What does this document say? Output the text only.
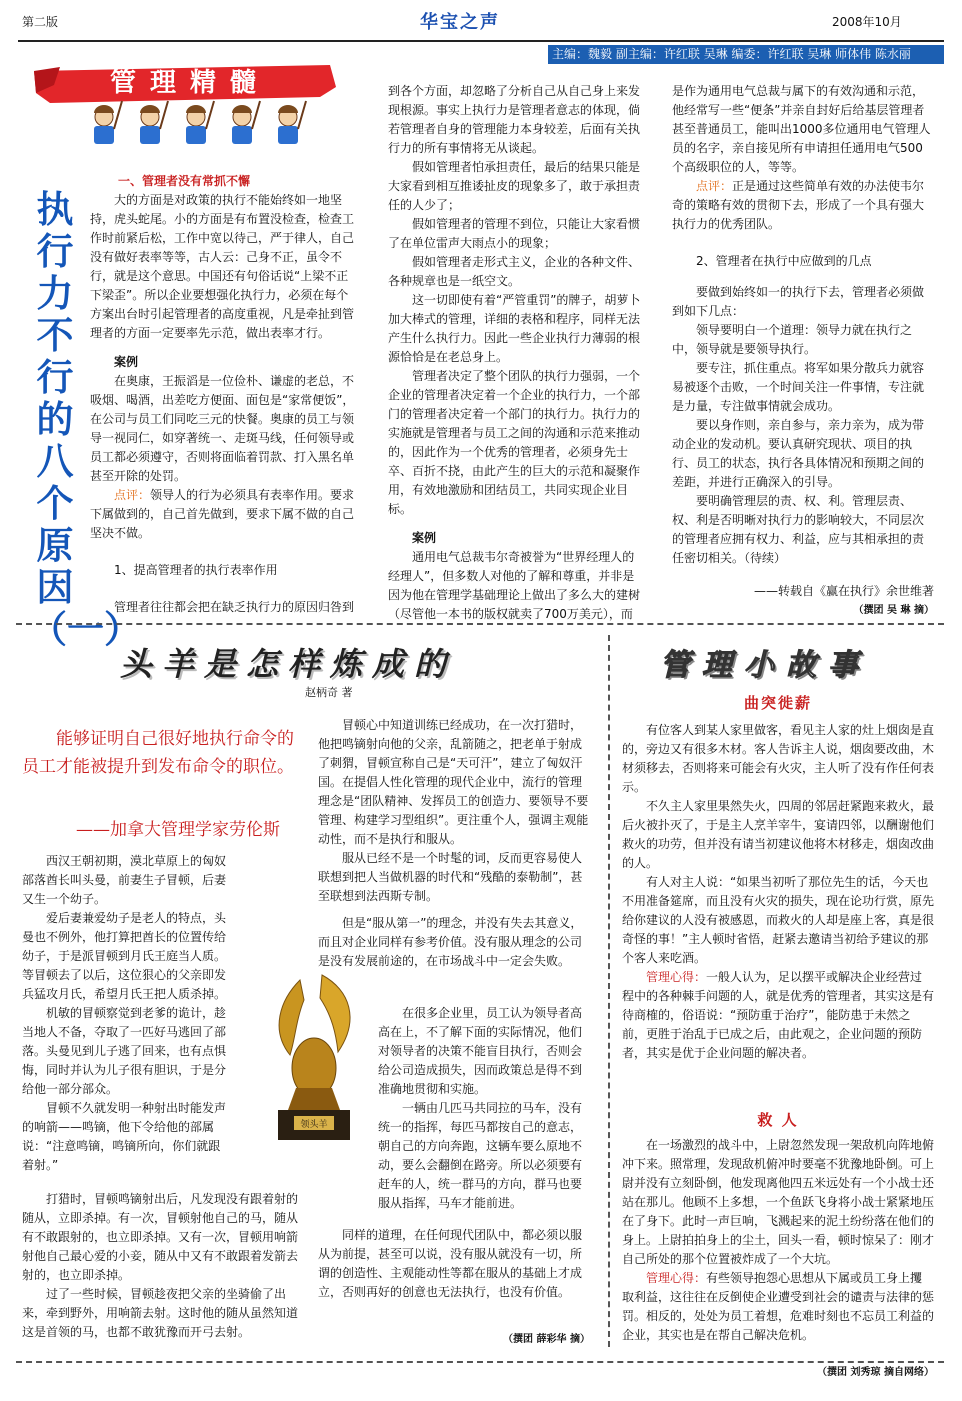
第二版	华宝之声	2008年10月
主编：魏毅 副主编：许红联 吴琳 编委：许红联 吴琳 师体伟 陈水丽
管理精髓
执行力不行的八个原因（一）
一、管理者没有常抓不懈

大的方面是对政策的执行不能始终如一地坚持，虎头蛇尾。小的方面是有布置没检查，检查工作时前紧后松，工作中宽以待己，严于律人，自己没有做好表率等等，古人云：己身不正，虽令不行，就是这个意思。中国还有句俗话说“上梁不正下梁歪”。所以企业要想强化执行力，必须在每个方案出台时引起管理者的高度重视，凡是牵扯到管理者的方面一定要率先示范，做出表率才行。

案例

在奥康，王振滔是一位俭朴、谦虚的老总，不吸烟、喝酒，出差吃方便面、面包是“家常便饭”，在公司与员工们同吃三元的快餐。奥康的员工与领导一视同仁，如穿著统一、走斑马线，任何领导或员工都必须遵守，否则将面临着罚款、打入黑名单甚至开除的处罚。

点评：领导人的行为必须具有表率作用。要求下属做到的，自己首先做到，要求下属不做的自己坚决不做。

1、提高管理者的执行表率作用

管理者往往都会把在缺乏执行力的原因归咎到

到各个方面，却忽略了分析自己从自己身上来发现根源。事实上执行力是管理者意志的体现，倘若管理者自身的管理能力本身较差，后面有关执行力的所有事情将无从谈起。

假如管理者怕承担责任，最后的结果只能是大家看到相互推诿扯皮的现象多了，敢于承担责任的人少了；

假如管理者的管理不到位，只能让大家看惯了在单位雷声大雨点小的现象；

假如管理者走形式主义，企业的各种文件、各种规章也是一纸空文。

这一切即使有着“严管重罚”的牌子，胡萝卜加大棒式的管理，详细的表格和程序，同样无法产生什么执行力。因此一些企业执行力薄弱的根源恰恰是在老总身上。

管理者决定了整个团队的执行力强弱，一个企业的管理者决定着一个企业的执行力，一个部门的管理者决定着一个部门的执行力。执行力的实施就是管理者与员工之间的沟通和示范来推动的，因此作为一个优秀的管理者，必须身先士卒、百折不挠，由此产生的巨大的示范和凝聚作用，有效地激励和团结员工，共同实现企业目标。

案例

通用电气总裁韦尔奇被誉为“世界经理人的经理人”，但多数人对他的了解和尊重，并非是因为他在管理学基础理论上做出了多么大的建树（尽管他一本书的版权就卖了700万美元），而

是作为通用电气总裁与属下的有效沟通和示范，他经常写一些“便条”并亲自封好后给基层管理者甚至普通员工，能叫出1000多位通用电气管理人员的名字，亲自接见所有申请担任通用电气500个高级职位的人，等等。

点评：正是通过这些简单有效的办法使韦尔奇的策略有效的贯彻下去，形成了一个具有强大执行力的优秀团队。

2、管理者在执行中应做到的几点

要做到始终如一的执行下去，管理者必须做到如下几点：

领导要明白一个道理：领导力就在执行之中，领导就是要领导执行。

要专注，抓住重点。将军如果分散兵力就容易被逐个击败，一个时间关注一件事情，专注就是力量，专注做事情就会成功。

要以身作则，亲自参与，亲力亲为，成为带动企业的发动机。要认真研究现状、项目的执行、员工的状态，执行各具体情况和预期之间的差距，并进行正确深入的引导。

要明确管理层的责、权、利。管理层责、权、利是否明晰对执行力的影响较大，不同层次的管理者应拥有权力、利益，应与其相承担的责任密切相关。（待续）

——转载自《赢在执行》余世维著
（撰团 吴 琳 摘）
头羊是怎样炼成的
赵柄奇 著
能够证明自己很好地执行命令的员工才能被提升到发布命令的职位。
——加拿大管理学家劳伦斯

西汉王朝初期，漠北草原上的匈奴部落酋长叫头曼，前妻生子冒顿，后妻又生一个幼子。

爱后妻兼爱幼子是老人的特点，头曼也不例外，他打算把酋长的位置传给幼子，于是派冒顿到月氏王庭当人质。等冒顿去了以后，这位狠心的父亲即发兵猛攻月氏，希望月氏王把人质杀掉。

机敏的冒顿察觉到老爹的诡计，趁当地人不备，夺取了一匹好马逃回了部落。头曼见到儿子逃了回来，也有点惧悔，同时并认为儿子很有胆识，于是分给他一部分部众。

冒顿不久就发明一种射出时能发声的响箭——鸣镝，他下令给他的部属说：“注意鸣镝，鸣镝所向，你们就跟着射。”

打猎时，冒顿鸣镝射出后，凡发现没有跟着射的随从，立即杀掉。有一次，冒顿射他自己的马，随从有不敢跟射的，也立即杀掉。又有一次，冒顿用响箭射他自己最心爱的小妾，随从中又有不敢跟着发箭去射的，也立即杀掉。

过了一些时候，冒顿趁夜把父亲的坐骑偷了出来，牵到野外，用响箭去射。这时他的随从虽然知道这是首领的马，也都不敢犹豫而开弓去射。

领头羊

冒顿心中知道训练已经成功，在一次打猎时，他把鸣镝射向他的父亲，乱箭随之，把老单于射成了刺猬，冒顿宣称自己是“天可汗”，建立了匈奴汗国。在提倡人性化管理的现代企业中，流行的管理理念是“团队精神、发挥员工的创造力、要领导不要管理、构建学习型组织”。更注重个人，强调主观能动性，而不是执行和服从。

服从已经不是一个时髦的词，反而更容易使人联想到把人当做机器的时代和“残酷的泰勒制”，甚至联想到法西斯专制。

但是“服从第一”的理念，并没有失去其意义，而且对企业同样有参考价值。没有服从理念的公司是没有发展前途的，在市场战斗中一定会失败。

在很多企业里，员工认为领导者高高在上，不了解下面的实际情况，他们对领导者的决策不能盲目执行，否则会给公司造成损失，因而政策总是得不到准确地贯彻和实施。

一辆由几匹马共同拉的马车，没有统一的指挥，每匹马都按自己的意志，朝自己的方向奔跑，这辆车要么原地不动，要么会翻倒在路旁。所以必须要有赶车的人，统一群马的方向，群马也要服从指挥，马车才能前进。

同样的道理，在任何现代团队中，都必须以服从为前提，甚至可以说，没有服从就没有一切，所谓的创造性、主观能动性等都在服从的基础上才成立，否则再好的创意也无法执行，也没有价值。

（撰团 薛彩华 摘）
管理小故事
曲突徙薪

有位客人到某人家里做客，看见主人家的灶上烟囱是直的，旁边又有很多木材。客人告诉主人说，烟囱要改曲，木材须移去，否则将来可能会有火灾，主人听了没有作任何表示。

不久主人家里果然失火，四周的邻居赶紧跑来救火，最后火被扑灭了，于是主人烹羊宰牛，宴请四邻，以酬谢他们救火的功劳，但并没有请当初建议他将木材移走，烟囱改曲的人。

有人对主人说：“如果当初听了那位先生的话，今天也不用准备筵席，而且没有火灾的损失，现在论功行赏，原先给你建议的人没有被感恩，而救火的人却是座上客，真是很奇怪的事！”主人顿时省悟，赶紧去邀请当初给予建议的那个客人来吃酒。

管理心得：一般人认为，足以摆平或解决企业经营过程中的各种棘手问题的人，就是优秀的管理者，其实这是有待商榷的，俗语说：“预防重于治疗”，能防患于未然之前，更胜于治乱于已成之后，由此观之，企业问题的预防者，其实是优于企业问题的解决者。

救 人

在一场激烈的战斗中，上尉忽然发现一架敌机向阵地俯冲下来。照常理，发现敌机俯冲时要毫不犹豫地卧倒。可上尉并没有立刻卧倒，他发现离他四五米远处有一个小战士还站在那儿。他顾不上多想，一个鱼跃飞身将小战士紧紧地压在了身下。此时一声巨响，飞溅起来的泥土纷纷落在他们的身上。上尉拍拍身上的尘土，回头一看，顿时惊呆了：刚才自己所处的那个位置被炸成了一个大坑。

管理心得：有些领导抱怨心思想从下属或员工身上攫取利益，这往往在反倒使企业遭受到社会的谴责与法律的惩罚。相反的，处处为员工着想，危难时刻也不忘员工利益的企业，其实也是在帮自己解决危机。

（撰团 刘秀琼 摘自网络）
